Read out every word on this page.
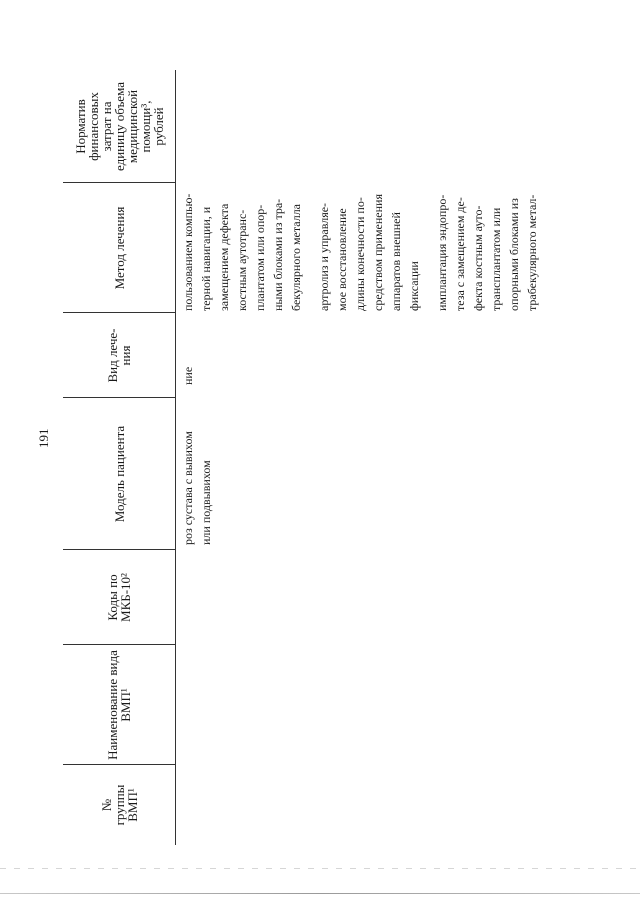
191
№
группы
ВМП¹
Наименование вида
ВМП¹
Коды по
МКБ-10²
Модель пациента
Вид лече-
ния
Метод лечения
Норматив
финансовых
затрат на
единицу объема
медицинской
помощи³,
рублей
роз сустава с вывихом или подвывихом
ние
пользованием компью- терной навигации, и замещением дефекта костным аутотранс- плантатом или опор- ными блоками из тра- бекулярного металла артролиз и управляе- мое восстановление длины конечности по- средством применения аппаратов внешней фиксации имплантация эндопро- теза с замещением де- фекта костным ауто- трансплантатом или опорными блоками из трабекулярного метал-
